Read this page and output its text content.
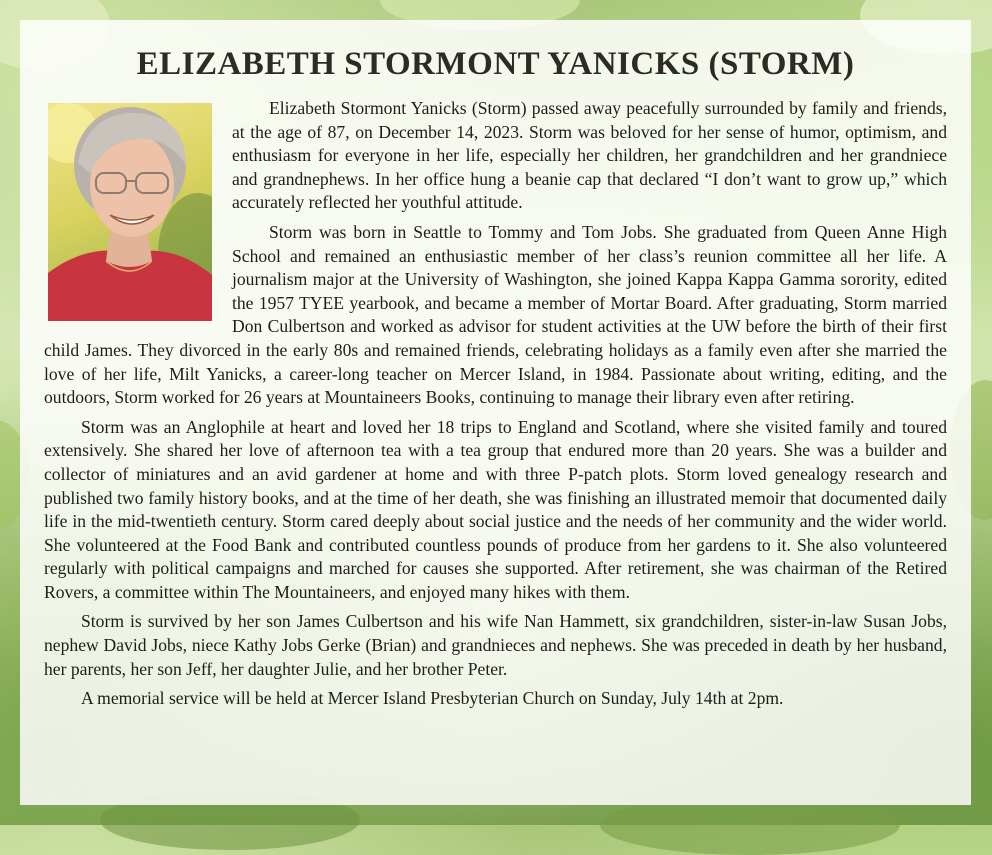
ELIZABETH STORMONT YANICKS (STORM)

Elizabeth Stormont Yanicks (Storm) passed away peacefully surrounded by family and friends, at the age of 87, on December 14, 2023. Storm was beloved for her sense of humor, optimism, and enthusiasm for everyone in her life, especially her children, her grandchildren and her grandniece and grandnephews. In her office hung a beanie cap that declared “I don’t want to grow up,” which accurately reflected her youthful attitude.

Storm was born in Seattle to Tommy and Tom Jobs. She graduated from Queen Anne High School and remained an enthusiastic member of her class’s reunion committee all her life. A journalism major at the University of Washington, she joined Kappa Kappa Gamma sorority, edited the 1957 TYEE yearbook, and became a member of Mortar Board. After graduating, Storm married Don Culbertson and worked as advisor for student activities at the UW before the birth of their first child James. They divorced in the early 80s and remained friends, celebrating holidays as a family even after she married the love of her life, Milt Yanicks, a career-long teacher on Mercer Island, in 1984. Passionate about writing, editing, and the outdoors, Storm worked for 26 years at Mountaineers Books, continuing to manage their library even after retiring.

Storm was an Anglophile at heart and loved her 18 trips to England and Scotland, where she visited family and toured extensively. She shared her love of afternoon tea with a tea group that endured more than 20 years. She was a builder and collector of miniatures and an avid gardener at home and with three P-patch plots. Storm loved genealogy research and published two family history books, and at the time of her death, she was finishing an illustrated memoir that documented daily life in the mid-twentieth century. Storm cared deeply about social justice and the needs of her community and the wider world. She volunteered at the Food Bank and contributed countless pounds of produce from her gardens to it. She also volunteered regularly with political campaigns and marched for causes she supported. After retirement, she was chairman of the Retired Rovers, a committee within The Mountaineers, and enjoyed many hikes with them.

Storm is survived by her son James Culbertson and his wife Nan Hammett, six grandchildren, sister-in-law Susan Jobs, nephew David Jobs, niece Kathy Jobs Gerke (Brian) and grandnieces and nephews. She was preceded in death by her husband, her parents, her son Jeff, her daughter Julie, and her brother Peter.

A memorial service will be held at Mercer Island Presbyterian Church on Sunday, July 14th at 2pm.
